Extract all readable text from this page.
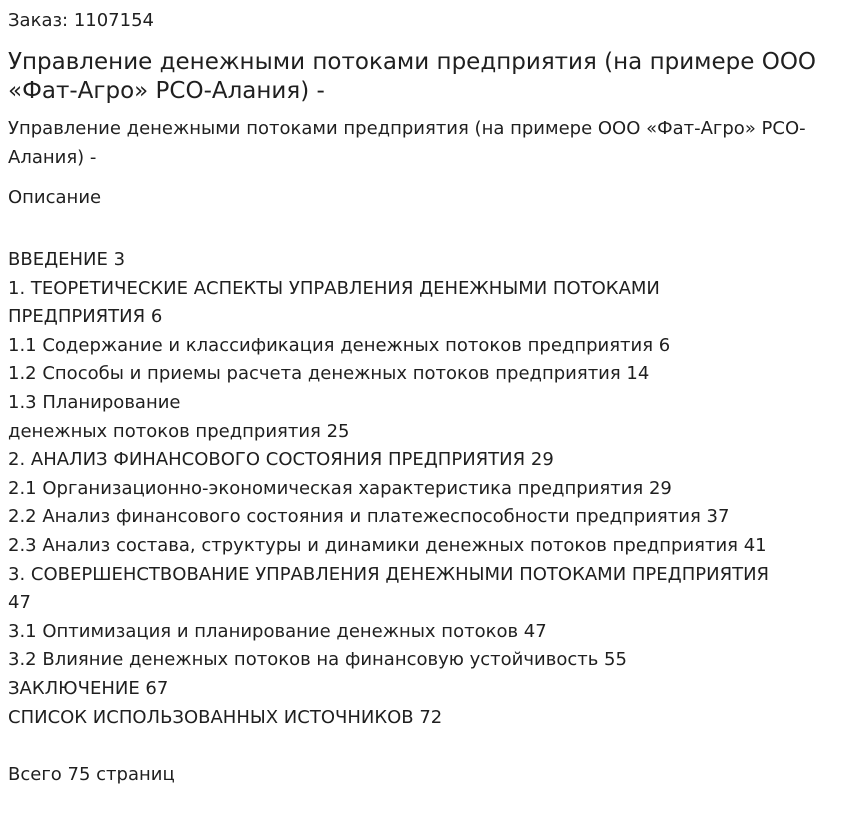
Заказ: 1107154
Управление денежными потоками предприятия (на примере ООО «Фат-Агро» РСО-Алания) -
Управление денежными потоками предприятия (на примере ООО «Фат-Агро» РСО-Алания) -
Описание
ВВЕДЕНИЕ 3
1. ТЕОРЕТИЧЕСКИЕ АСПЕКТЫ УПРАВЛЕНИЯ ДЕНЕЖНЫМИ ПОТОКАМИ
ПРЕДПРИЯТИЯ 6
1.1 Содержание и классификация денежных потоков предприятия 6
1.2 Способы и приемы расчета денежных потоков предприятия 14
1.3 Планирование
денежных потоков предприятия 25
2. АНАЛИЗ ФИНАНСОВОГО СОСТОЯНИЯ ПРЕДПРИЯТИЯ 29
2.1 Организационно-экономическая характеристика предприятия 29
2.2 Анализ финансового состояния и платежеспособности предприятия 37
2.3 Анализ состава, структуры и динамики денежных потоков предприятия 41
3. СОВЕРШЕНСТВОВАНИЕ УПРАВЛЕНИЯ ДЕНЕЖНЫМИ ПОТОКАМИ ПРЕДПРИЯТИЯ
47
3.1 Оптимизация и планирование денежных потоков 47
3.2 Влияние денежных потоков на финансовую устойчивость 55
ЗАКЛЮЧЕНИЕ 67
СПИСОК ИСПОЛЬЗОВАННЫХ ИСТОЧНИКОВ 72
Всего 75 страниц
